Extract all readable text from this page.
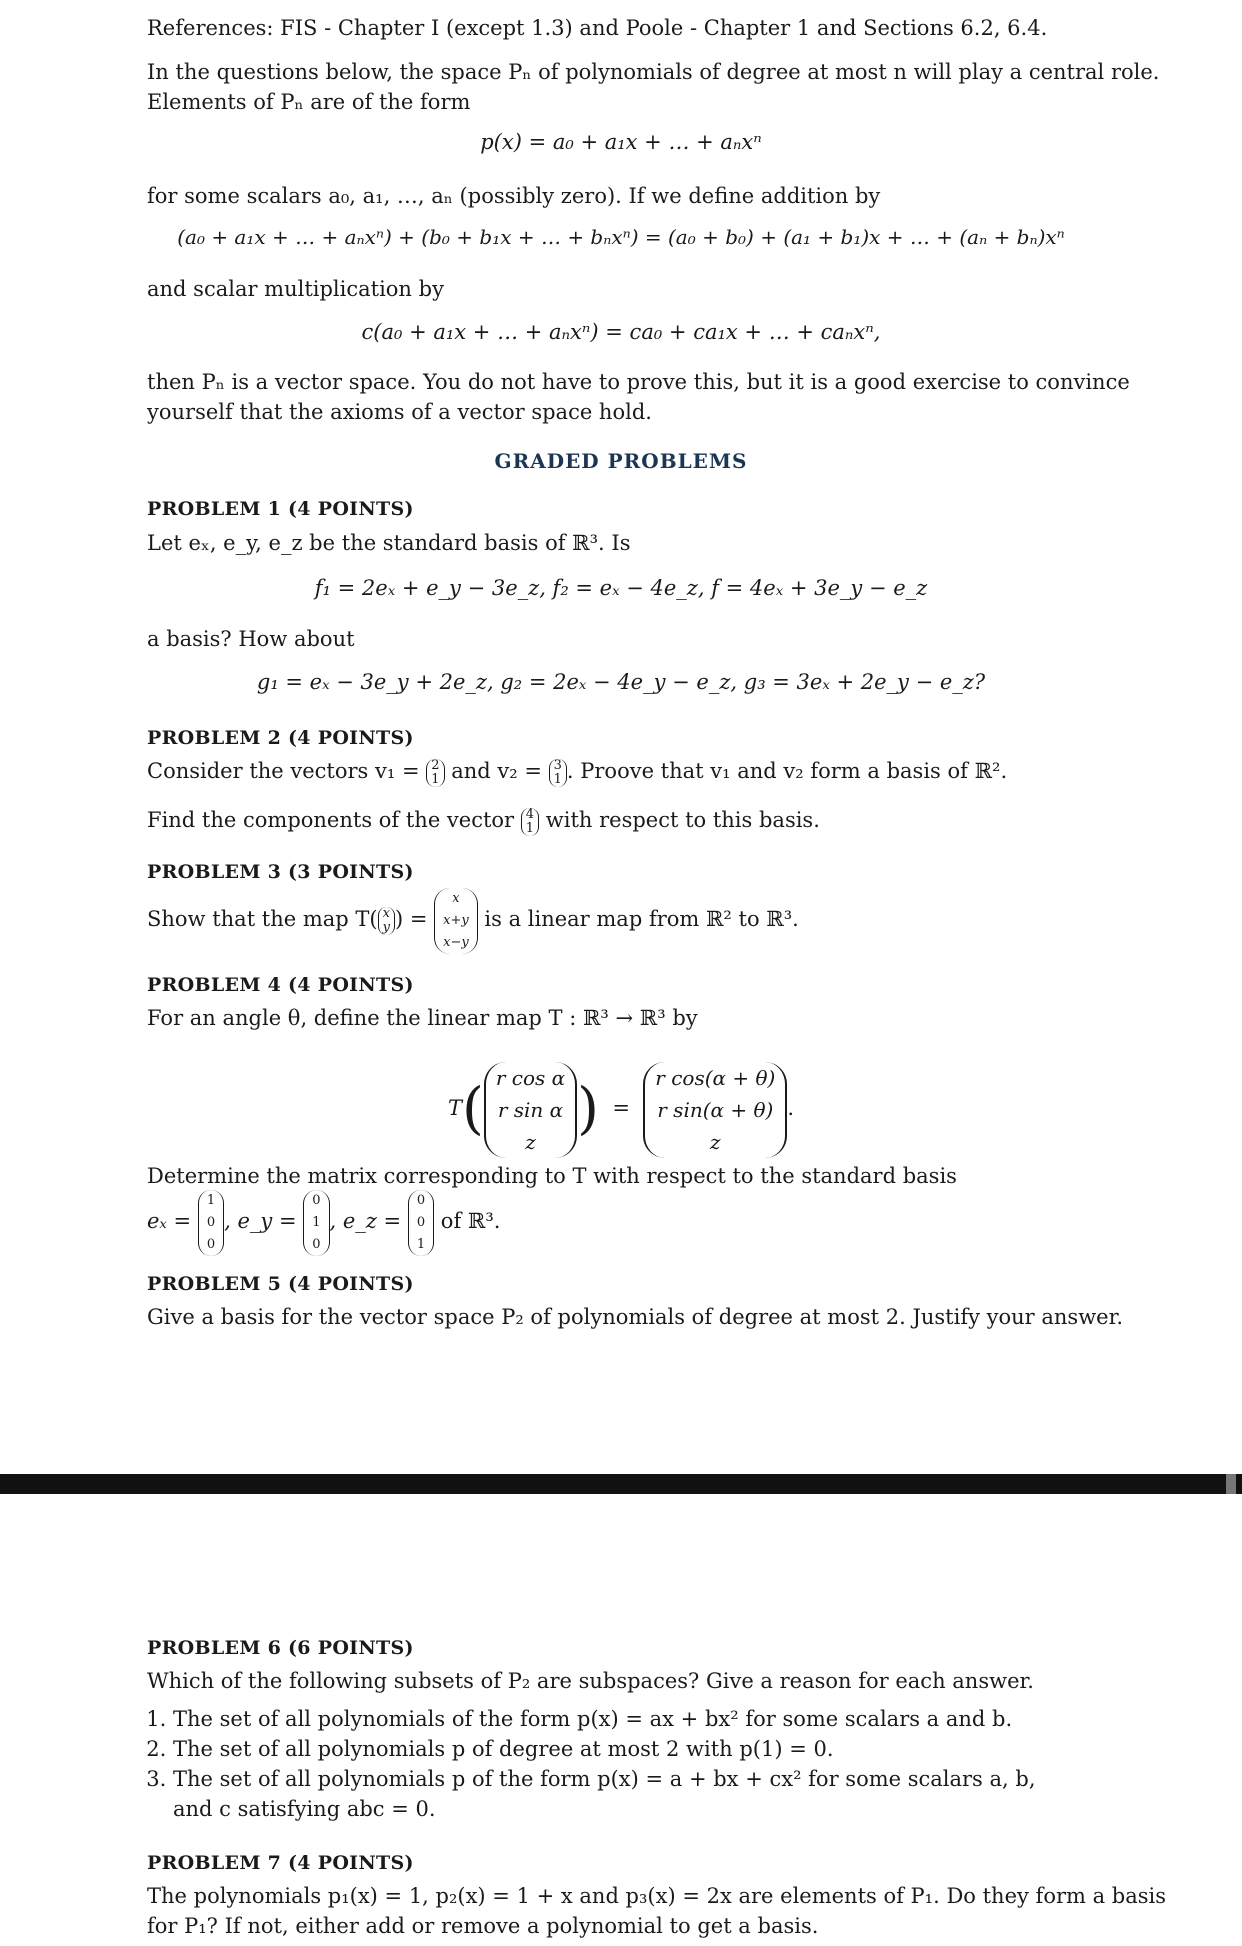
References: FIS - Chapter I (except 1.3) and Poole - Chapter 1 and Sections 6.2, 6.4.
In the questions below, the space Pₙ of polynomials of degree at most n will play a central role.
Elements of Pₙ are of the form
p(x) = a₀ + a₁x + … + aₙxⁿ
for some scalars a₀, a₁, …, aₙ (possibly zero). If we define addition by
(a₀ + a₁x + … + aₙxⁿ) + (b₀ + b₁x + … + bₙxⁿ) = (a₀ + b₀) + (a₁ + b₁)x + … + (aₙ + bₙ)xⁿ
and scalar multiplication by
c(a₀ + a₁x + … + aₙxⁿ) = ca₀ + ca₁x + … + caₙxⁿ,
then Pₙ is a vector space. You do not have to prove this, but it is a good exercise to convince
yourself that the axioms of a vector space hold.
GRADED PROBLEMS
PROBLEM 1 (4 POINTS)
Let eₓ, e_y, e_z be the standard basis of ℝ³. Is
f₁ = 2eₓ + e_y − 3e_z, f₂ = eₓ − 4e_z, f = 4eₓ + 3e_y − e_z
a basis? How about
g₁ = eₓ − 3e_y + 2e_z, g₂ = 2eₓ − 4e_y − e_z, g₃ = 3eₓ + 2e_y − e_z?
PROBLEM 2 (4 POINTS)
Consider the vectors v₁ = 2
1 and v₂ = 3
1 . Proove that v₁ and v₂ form a basis of ℝ².
Find the components of the vector 4
1 with respect to this basis.
PROBLEM 3 (3 POINTS)
Show that the map T( x
y ) = x
x+y
x−y is a linear map from ℝ² to ℝ³.
PROBLEM 4 (4 POINTS)
For an angle θ, define the linear map T : ℝ³ → ℝ³ by
T( r cos α
r sin α
z )  =  r cos(α + θ)
r sin(α + θ)
z.
Determine the matrix corresponding to T with respect to the standard basis
eₓ = 1
0
0, e_y = 0
1
0, e_z = 0
0
1 of ℝ³.
PROBLEM 5 (4 POINTS)
Give a basis for the vector space P₂ of polynomials of degree at most 2. Justify your answer.
PROBLEM 6 (6 POINTS)
Which of the following subsets of P₂ are subspaces? Give a reason for each answer.
1. The set of all polynomials of the form p(x) = ax + bx² for some scalars a and b.
2. The set of all polynomials p of degree at most 2 with p(1) = 0.
3. The set of all polynomials p of the form p(x) = a + bx + cx² for some scalars a, b, and c satisfying abc = 0.
PROBLEM 7 (4 POINTS)
The polynomials p₁(x) = 1, p₂(x) = 1 + x and p₃(x) = 2x are elements of P₁. Do they form a basis
for P₁? If not, either add or remove a polynomial to get a basis.
